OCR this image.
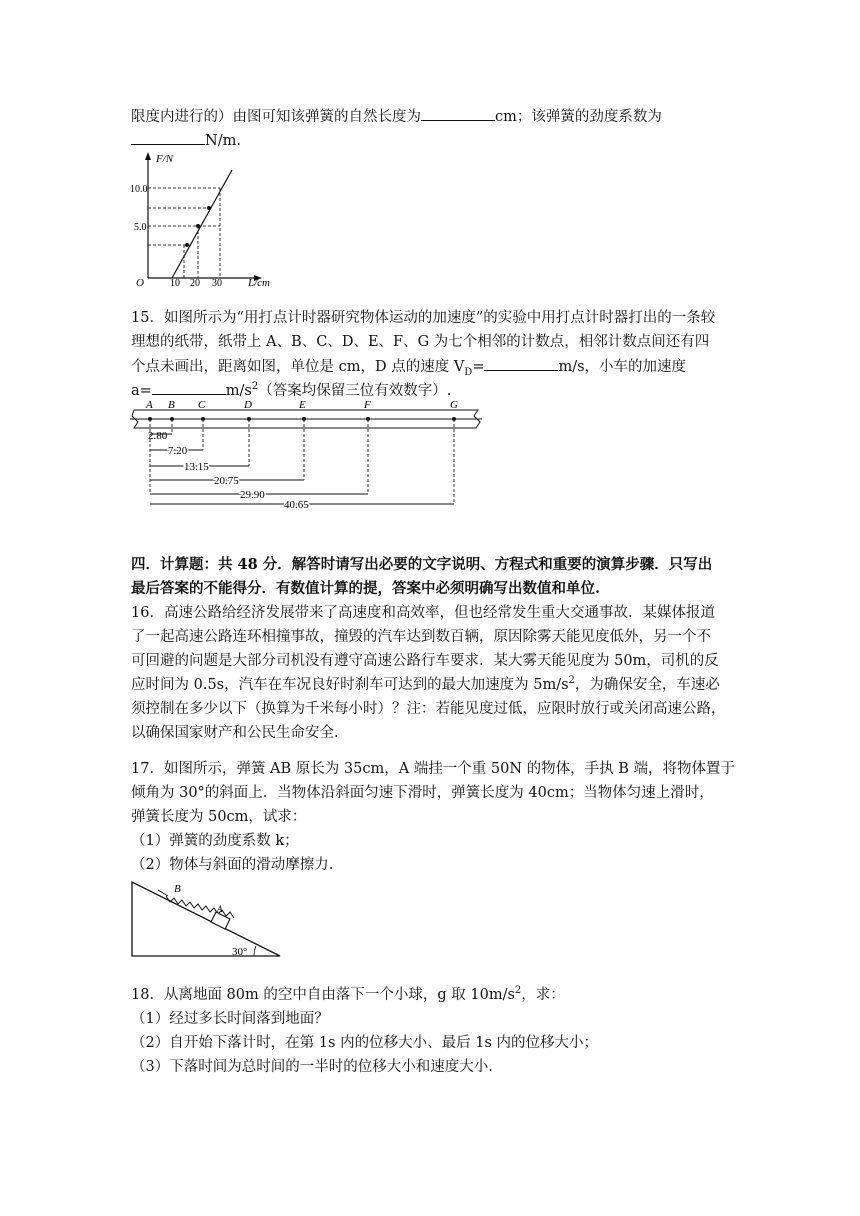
限度内进行的）由图可知该弹簧的自然长度为	cm；该弹簧的劲度系数为
N/m.
F/N
10.0
5.0
O	10 20 30 L/cm
15．如图所示为“用打点计时器研究物体运动的加速度”的实验中用打点计时器打出的一条较
理想的纸带，纸带上 A、B、C、D、E、F、G 为七个相邻的计数点，相邻计数点间还有四
个点未画出，距离如图，单位是 cm，D 点的速度 $V_D=$	m/s，小车的加速度
a=	$m/s^2$（答案均保留三位有效数字）.
A B C	D	E	F	G
2.80
7.20
13.15
20.75
29.90
40.65
四．计算题：共 48 分．解答时请写出必要的文字说明、方程式和重要的演算步骤．只写出
最后答案的不能得分．有数值计算的提，答案中必须明确写出数值和单位.
16．高速公路给经济发展带来了高速度和高效率，但也经常发生重大交通事故．某媒体报道
了一起高速公路连环相撞事故，撞毁的汽车达到数百辆，原因除雾天能见度低外，另一个不
可回避的问题是大部分司机没有遵守高速公路行车要求．某大雾天能见度为 50m，司机的反
应时间为 0.5s，汽车在车况良好时刹车可达到的最大加速度为 $5m/s^2$，为确保安全，车速必
须控制在多少以下（换算为千米每小时）？注：若能见度过低，应限时放行或关闭高速公路，
以确保国家财产和公民生命安全.
17．如图所示，弹簧 AB 原长为 35cm，A 端挂一个重 50N 的物体，手执 B 端，将物体置于
倾角为 30°的斜面上．当物体沿斜面匀速下滑时，弹簧长度为 40cm；当物体匀速上滑时，
弹簧长度为 50cm，试求：
（1）弹簧的劲度系数 k；
（2）物体与斜面的滑动摩擦力.
B
A
30°
18．从离地面 80m 的空中自由落下一个小球，g 取 $10m/s^2$，求：
（1）经过多长时间落到地面？
（2）自开始下落计时，在第 1s 内的位移大小、最后 1s 内的位移大小；
（3）下落时间为总时间的一半时的位移大小和速度大小.
